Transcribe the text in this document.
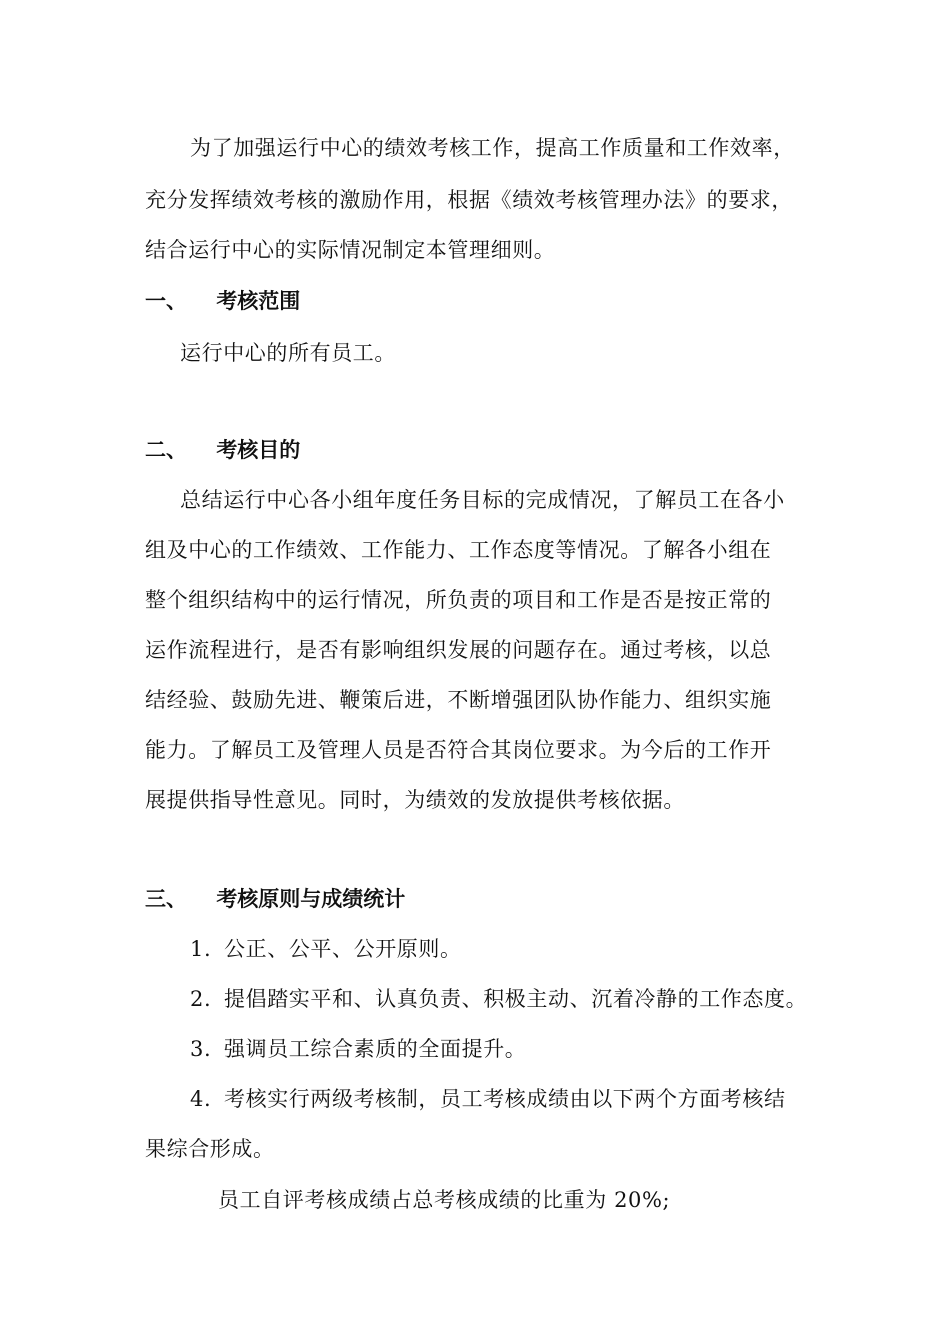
为了加强运行中心的绩效考核工作，提高工作质量和工作效率，
充分发挥绩效考核的激励作用，根据《绩效考核管理办法》的要求，
结合运行中心的实际情况制定本管理细则。
一、 考核范围
运行中心的所有员工。
二、 考核目的
总结运行中心各小组年度任务目标的完成情况，了解员工在各小
组及中心的工作绩效、工作能力、工作态度等情况。了解各小组在
整个组织结构中的运行情况，所负责的项目和工作是否是按正常的
运作流程进行，是否有影响组织发展的问题存在。通过考核，以总
结经验、鼓励先进、鞭策后进，不断增强团队协作能力、组织实施
能力。了解员工及管理人员是否符合其岗位要求。为今后的工作开
展提供指导性意见。同时，为绩效的发放提供考核依据。
三、 考核原则与成绩统计
1. 公正、公平、公开原则。
2. 提倡踏实平和、认真负责、积极主动、沉着冷静的工作态度。
3. 强调员工综合素质的全面提升。
4. 考核实行两级考核制，员工考核成绩由以下两个方面考核结
果综合形成。
员工自评考核成绩占总考核成绩的比重为 20%;
